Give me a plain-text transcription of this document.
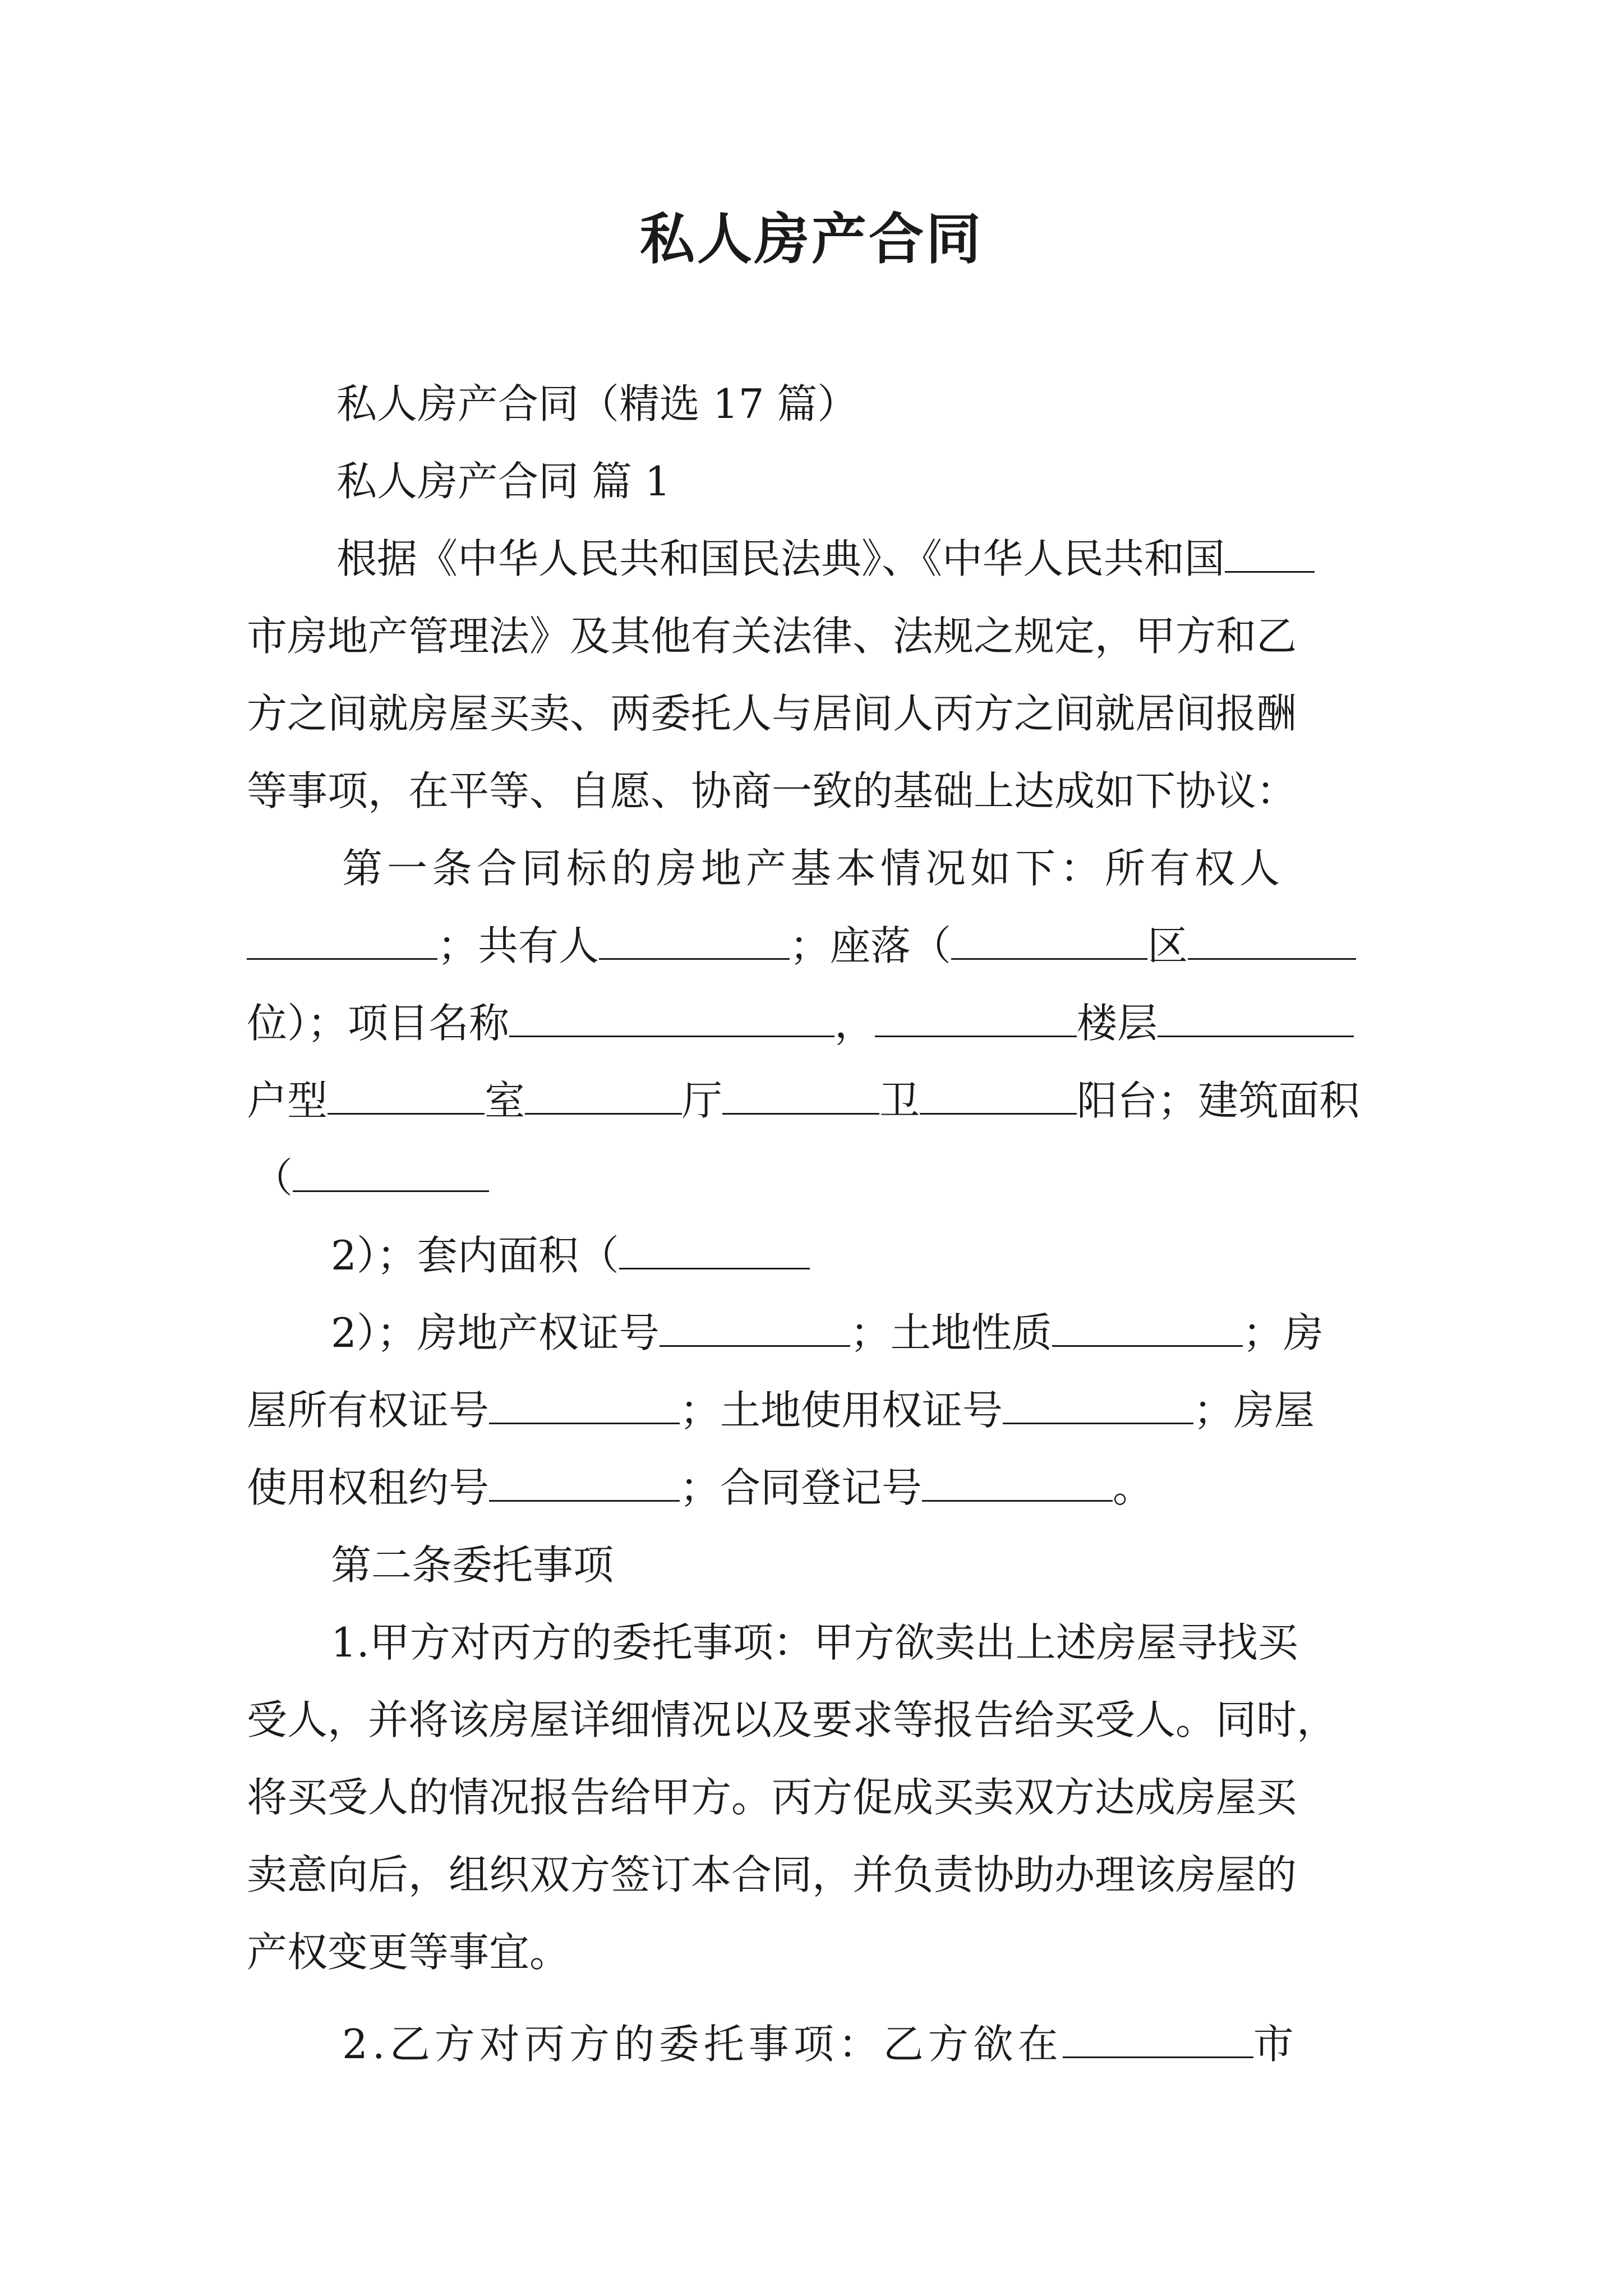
私人房产合同
私人房产合同（精选 17 篇）
私人房产合同 篇 1
根据《中华人民共和国民法典》、《中华人民共和国
市房地产管理法》及其他有关法律、法规之规定，甲方和乙
方之间就房屋买卖、两委托人与居间人丙方之间就居间报酬
等事项，在平等、自愿、协商一致的基础上达成如下协议：
第一条合同标的房地产基本情况如下：所有权人
；共有人	；座落（	区
位）；项目名称	，	楼层
户型	室	厅	卫	阳台；建筑面积
（
2）；套内面积（
2）；房地产权证号	；土地性质	；房
屋所有权证号	；土地使用权证号	；房屋
使用权租约号	；合同登记号	。
第二条委托事项
1.甲方对丙方的委托事项：甲方欲卖出上述房屋寻找买
受人，并将该房屋详细情况以及要求等报告给买受人。同时，
将买受人的情况报告给甲方。丙方促成买卖双方达成房屋买
卖意向后，组织双方签订本合同，并负责协助办理该房屋的
产权变更等事宜。
2.乙方对丙方的委托事项：乙方欲在	市
